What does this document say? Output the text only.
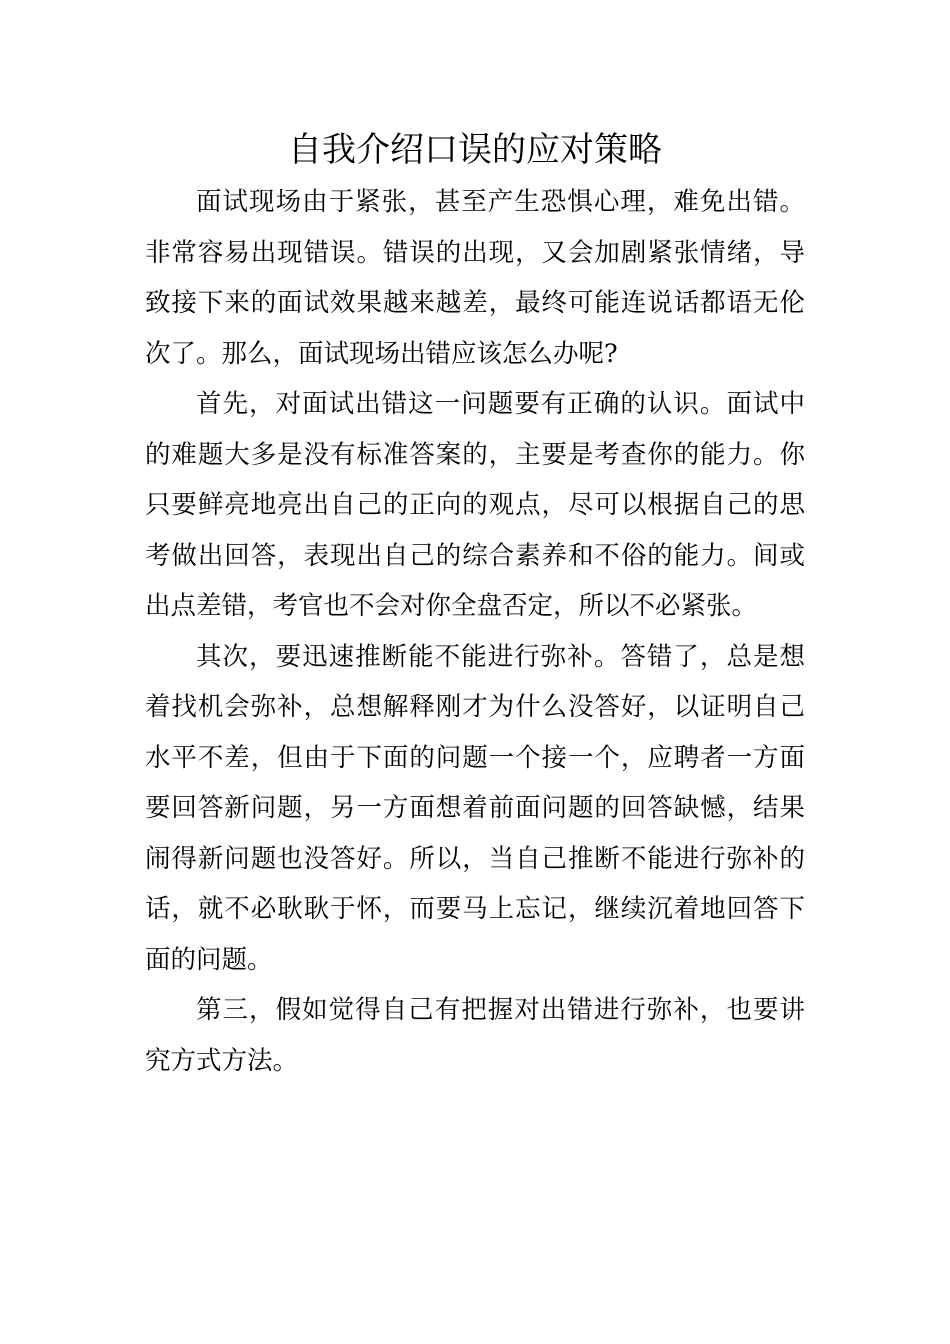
自我介绍口误的应对策略

面试现场由于紧张，甚至产生恐惧心理，难免出错。非常容易出现错误。错误的出现，又会加剧紧张情绪，导致接下来的面试效果越来越差，最终可能连说话都语无伦次了。那么，面试现场出错应该怎么办呢?

首先，对面试出错这一问题要有正确的认识。面试中的难题大多是没有标准答案的，主要是考查你的能力。你只要鲜亮地亮出自己的正向的观点，尽可以根据自己的思考做出回答，表现出自己的综合素养和不俗的能力。间或出点差错，考官也不会对你全盘否定，所以不必紧张。

其次，要迅速推断能不能进行弥补。答错了，总是想着找机会弥补，总想解释刚才为什么没答好，以证明自己水平不差，但由于下面的问题一个接一个，应聘者一方面要回答新问题，另一方面想着前面问题的回答缺憾，结果闹得新问题也没答好。所以，当自己推断不能进行弥补的话，就不必耿耿于怀，而要马上忘记，继续沉着地回答下面的问题。

第三，假如觉得自己有把握对出错进行弥补，也要讲究方式方法。
